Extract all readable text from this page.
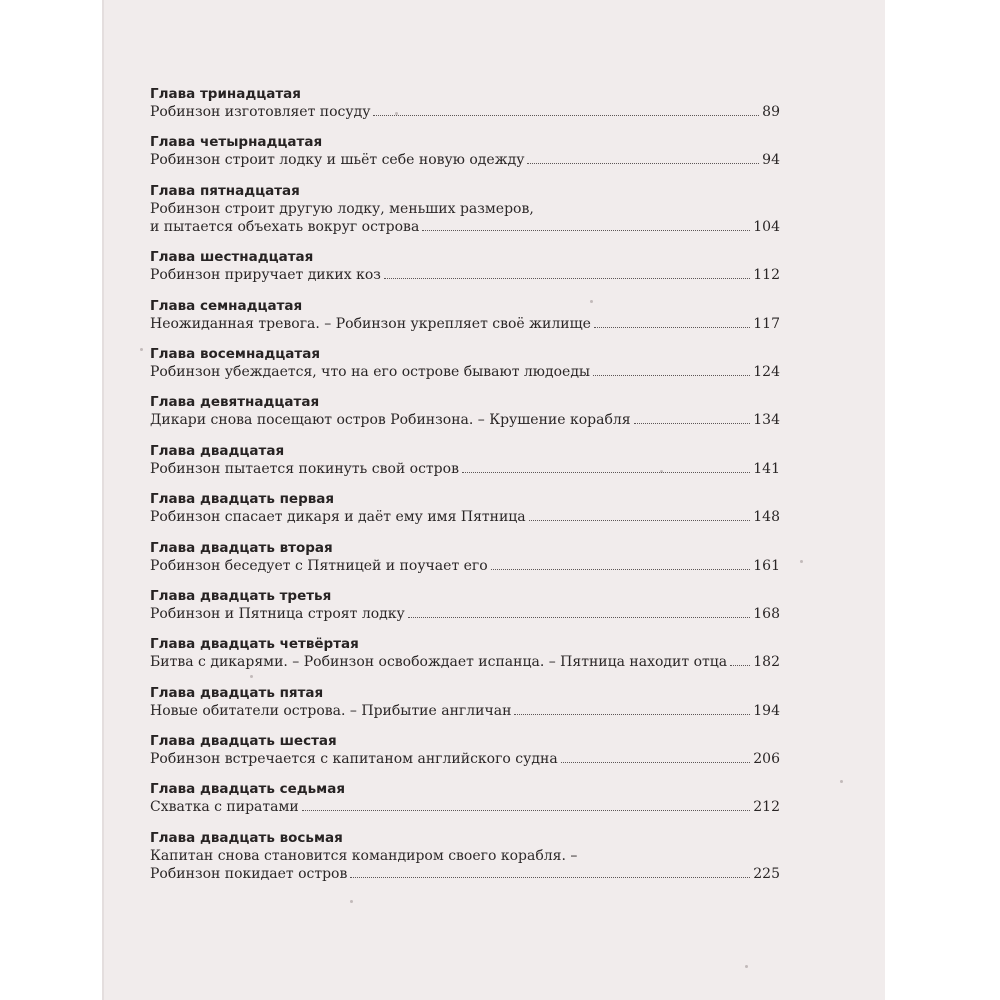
Глава тринадцатая
Робинзон изготовляет посуду	89
Глава четырнадцатая
Робинзон строит лодку и шьёт себе новую одежду	94
Глава пятнадцатая
Робинзон строит другую лодку, меньших размеров,
и пытается объехать вокруг острова	104
Глава шестнадцатая
Робинзон приручает диких коз	112
Глава семнадцатая
Неожиданная тревога. – Робинзон укрепляет своё жилище	117
Глава восемнадцатая
Робинзон убеждается, что на его острове бывают людоеды	124
Глава девятнадцатая
Дикари снова посещают остров Робинзона. – Крушение корабля	134
Глава двадцатая
Робинзон пытается покинуть свой остров	141
Глава двадцать первая
Робинзон спасает дикаря и даёт ему имя Пятница	148
Глава двадцать вторая
Робинзон беседует с Пятницей и поучает его	161
Глава двадцать третья
Робинзон и Пятница строят лодку	168
Глава двадцать четвёртая
Битва с дикарями. – Робинзон освобождает испанца. – Пятница находит отца 182
Глава двадцать пятая
Новые обитатели острова. – Прибытие англичан	194
Глава двадцать шестая
Робинзон встречается с капитаном английского судна	206
Глава двадцать седьмая
Схватка с пиратами	212
Глава двадцать восьмая
Капитан снова становится командиром своего корабля. –
Робинзон покидает остров	225
